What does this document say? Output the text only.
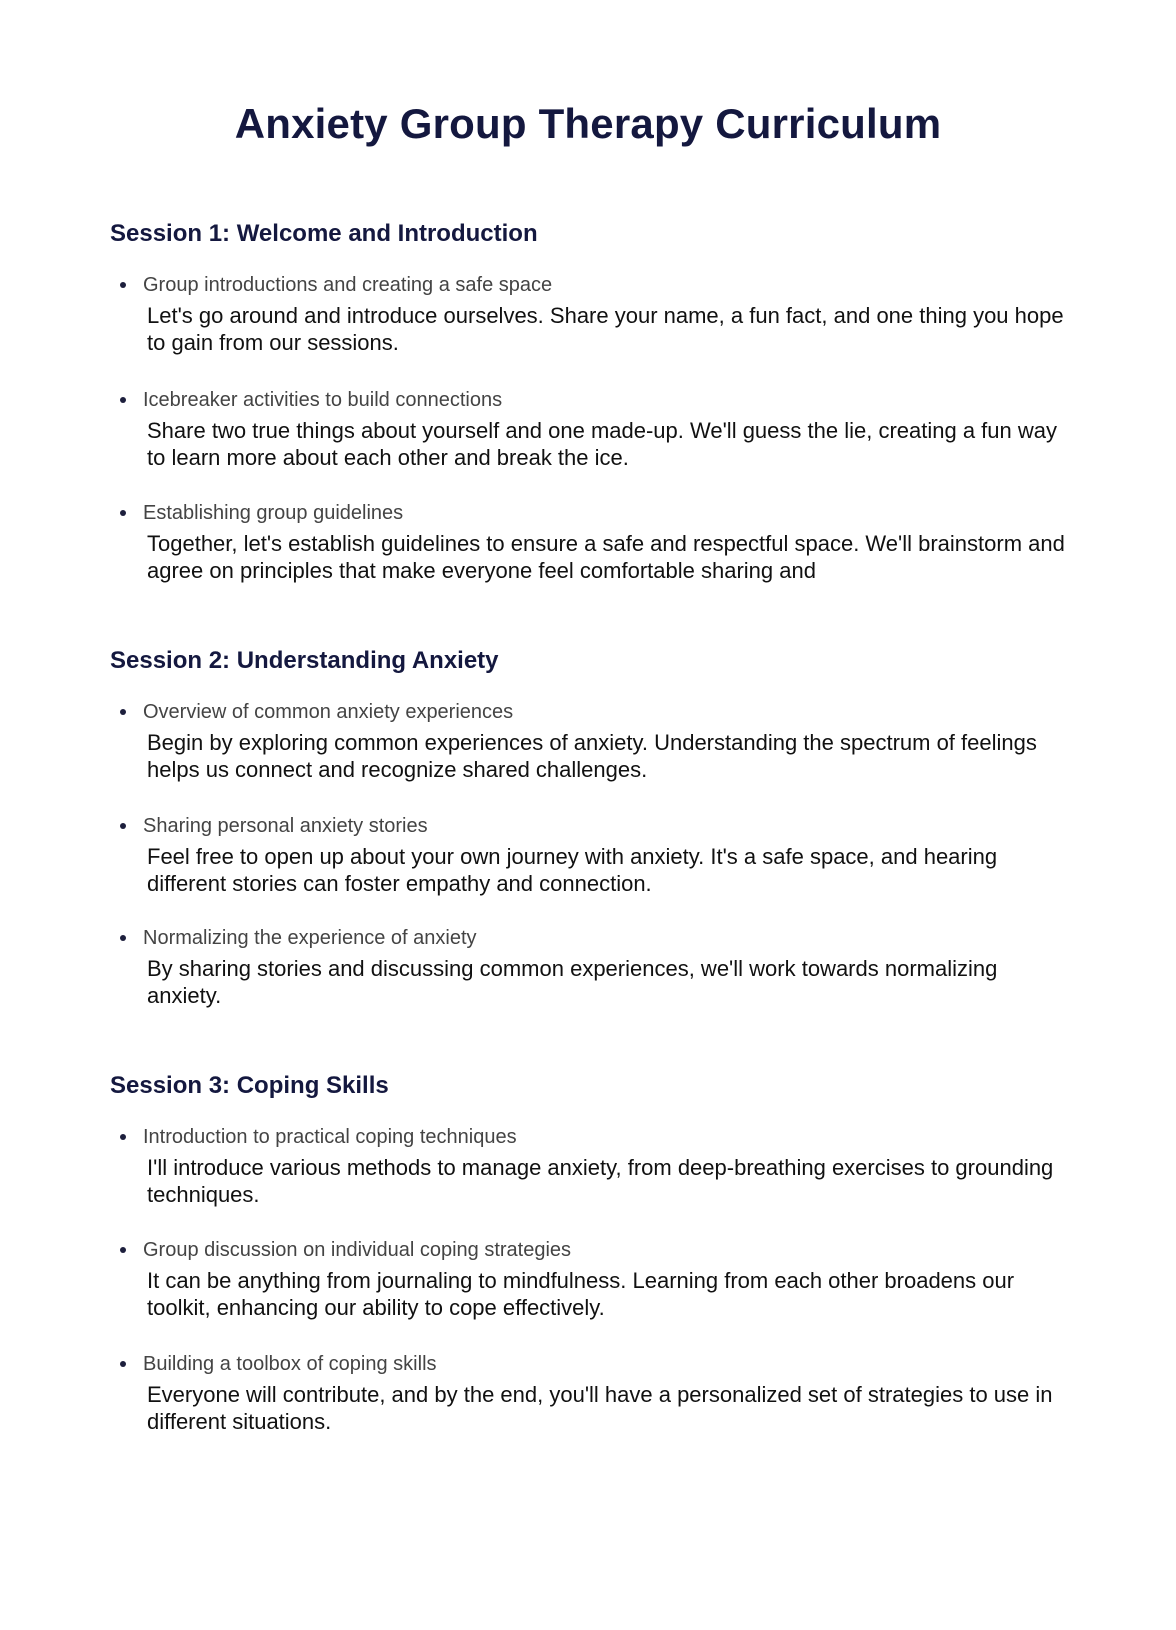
Anxiety Group Therapy Curriculum
Session 1: Welcome and Introduction
Group introductions and creating a safe space
Let's go around and introduce ourselves. Share your name, a fun fact, and one thing you hope to gain from our sessions.
Icebreaker activities to build connections
Share two true things about yourself and one made-up. We'll guess the lie, creating a fun way to learn more about each other and break the ice.
Establishing group guidelines
Together, let's establish guidelines to ensure a safe and respectful space. We'll brainstorm and agree on principles that make everyone feel comfortable sharing and
Session 2: Understanding Anxiety
Overview of common anxiety experiences
Begin by exploring common experiences of anxiety. Understanding the spectrum of feelings helps us connect and recognize shared challenges.
Sharing personal anxiety stories
Feel free to open up about your own journey with anxiety. It's a safe space, and hearing different stories can foster empathy and connection.
Normalizing the experience of anxiety
By sharing stories and discussing common experiences, we'll work towards normalizing anxiety.
Session 3: Coping Skills
Introduction to practical coping techniques
I'll introduce various methods to manage anxiety, from deep-breathing exercises to grounding techniques.
Group discussion on individual coping strategies
It can be anything from journaling to mindfulness. Learning from each other broadens our toolkit, enhancing our ability to cope effectively.
Building a toolbox of coping skills
Everyone will contribute, and by the end, you'll have a personalized set of strategies to use in different situations.
